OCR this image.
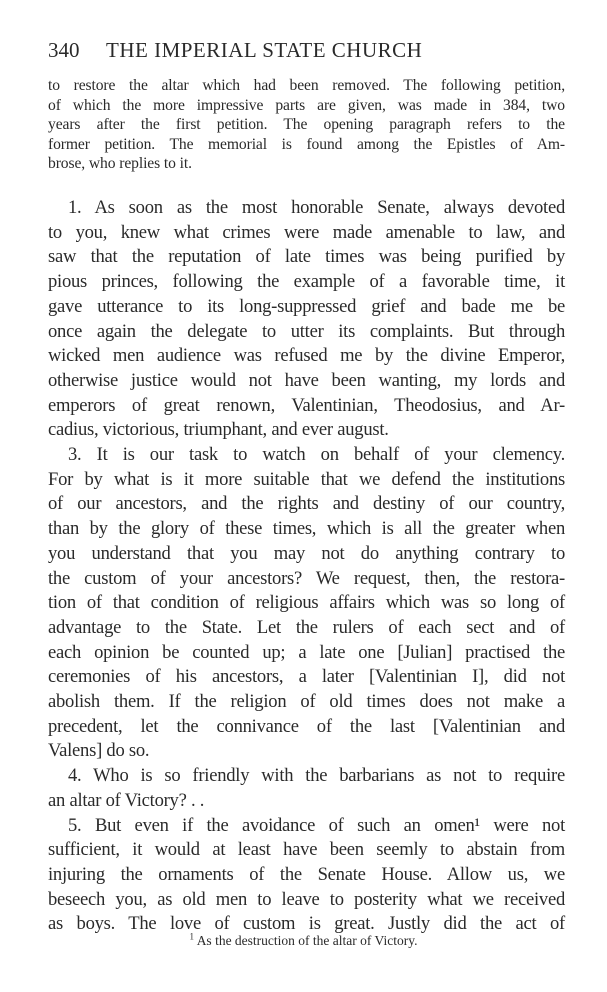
340 THE IMPERIAL STATE CHURCH
to restore the altar which had been removed. The following petition,
of which the more impressive parts are given, was made in 384, two
years after the first petition. The opening paragraph refers to the
former petition. The memorial is found among the Epistles of Am-
brose, who replies to it.
1. As soon as the most honorable Senate, always devoted
to you, knew what crimes were made amenable to law, and
saw that the reputation of late times was being purified by
pious princes, following the example of a favorable time, it
gave utterance to its long-suppressed grief and bade me be
once again the delegate to utter its complaints. But through
wicked men audience was refused me by the divine Emperor,
otherwise justice would not have been wanting, my lords and
emperors of great renown, Valentinian, Theodosius, and Ar-
cadius, victorious, triumphant, and ever august.
3. It is our task to watch on behalf of your clemency.
For by what is it more suitable that we defend the institutions
of our ancestors, and the rights and destiny of our country,
than by the glory of these times, which is all the greater when
you understand that you may not do anything contrary to
the custom of your ancestors? We request, then, the restora-
tion of that condition of religious affairs which was so long of
advantage to the State. Let the rulers of each sect and of
each opinion be counted up; a late one [Julian] practised the
ceremonies of his ancestors, a later [Valentinian I], did not
abolish them. If the religion of old times does not make a
precedent, let the connivance of the last [Valentinian and
Valens] do so.
4. Who is so friendly with the barbarians as not to require
an altar of Victory? . .
5. But even if the avoidance of such an omen¹ were not
sufficient, it would at least have been seemly to abstain from
injuring the ornaments of the Senate House. Allow us, we
beseech you, as old men to leave to posterity what we received
as boys. The love of custom is great. Justly did the act of
$^1$ As the destruction of the altar of Victory.
